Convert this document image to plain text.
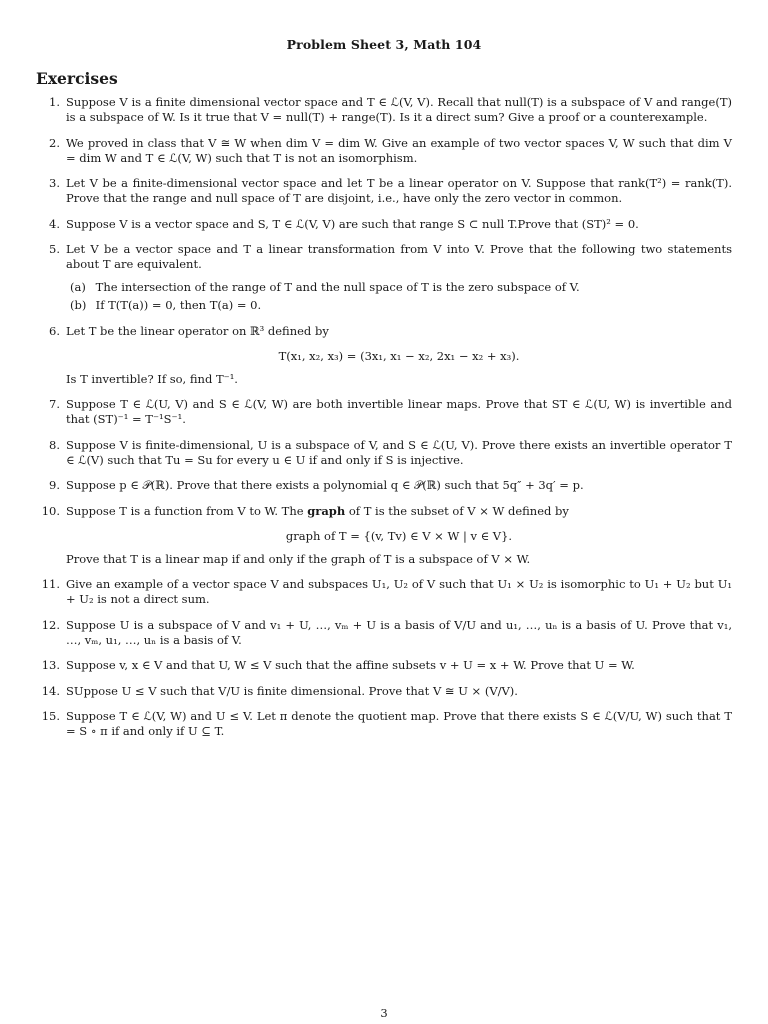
Problem Sheet 3, Math 104
Exercises
1. Suppose V is a finite dimensional vector space and T ∈ ℒ(V, V). Recall that null(T) is a subspace of V and range(T) is a subspace of W. Is it true that V = null(T) + range(T). Is it a direct sum? Give a proof or a counterexample.
2. We proved in class that V ≅ W when dim V = dim W. Give an example of two vector spaces V, W such that dim V = dim W and T ∈ ℒ(V, W) such that T is not an isomorphism.
3. Let V be a finite-dimensional vector space and let T be a linear operator on V. Suppose that rank(T²) = rank(T). Prove that the range and null space of T are disjoint, i.e., have only the zero vector in common.
4. Suppose V is a vector space and S, T ∈ ℒ(V, V) are such that range S ⊂ null T.Prove that (ST)² = 0.
5. Let V be a vector space and T a linear transformation from V into V. Prove that the following two statements about T are equivalent.
(a) The intersection of the range of T and the null space of T is the zero subspace of V.
(b) If T(T(a)) = 0, then T(a) = 0.
6. Let T be the linear operator on ℝ³ defined by
T(x₁, x₂, x₃) = (3x₁, x₁ − x₂, 2x₁ − x₂ + x₃).
Is T invertible? If so, find T⁻¹.
7. Suppose T ∈ ℒ(U, V) and S ∈ ℒ(V, W) are both invertible linear maps. Prove that ST ∈ ℒ(U, W) is invertible and that (ST)⁻¹ = T⁻¹S⁻¹.
8. Suppose V is finite-dimensional, U is a subspace of V, and S ∈ ℒ(U, V). Prove there exists an invertible operator T ∈ ℒ(V) such that Tu = Su for every u ∈ U if and only if S is injective.
9. Suppose p ∈ 𝒫(ℝ). Prove that there exists a polynomial q ∈ 𝒫(ℝ) such that 5q″ + 3q′ = p.
10. Suppose T is a function from V to W. The graph of T is the subset of V × W defined by
graph of T = {(v, Tv) ∈ V × W | v ∈ V}.
Prove that T is a linear map if and only if the graph of T is a subspace of V × W.
11. Give an example of a vector space V and subspaces U₁, U₂ of V such that U₁ × U₂ is isomorphic to U₁ + U₂ but U₁ + U₂ is not a direct sum.
12. Suppose U is a subspace of V and v₁ + U, …, vₘ + U is a basis of V/U and u₁, …, uₙ is a basis of U. Prove that v₁, …, vₘ, u₁, …, uₙ is a basis of V.
13. Suppose v, x ∈ V and that U, W ≤ V such that the affine subsets v + U = x + W. Prove that U = W.
14. SUppose U ≤ V such that V/U is finite dimensional. Prove that V ≅ U × (V/V).
15. Suppose T ∈ ℒ(V, W) and U ≤ V. Let π denote the quotient map. Prove that there exists S ∈ ℒ(V/U, W) such that T = S ∘ π if and only if U ⊆ T.
3
